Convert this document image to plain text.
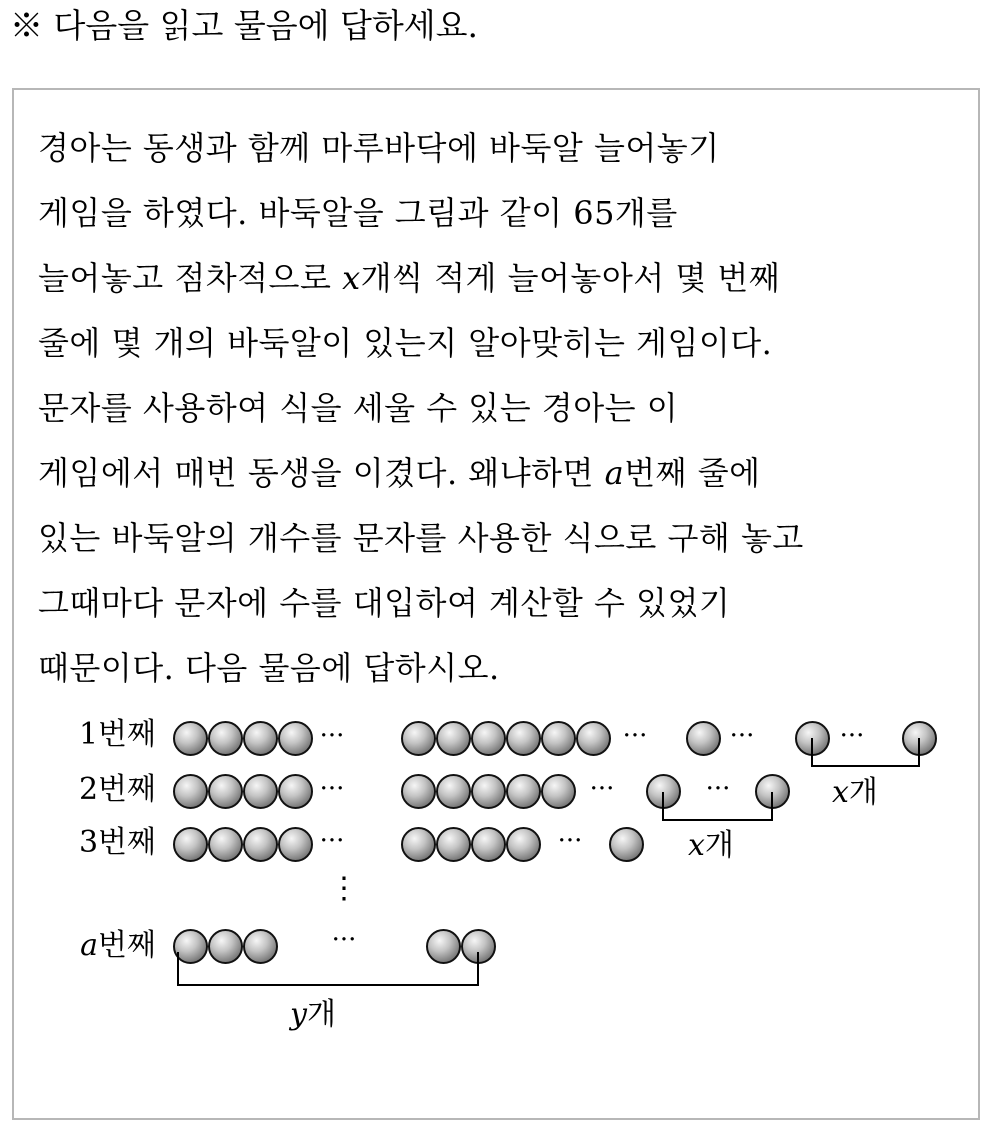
※ 다음을 읽고 물음에 답하세요.
경아는 동생과 함께 마루바닥에 바둑알 늘어놓기
게임을 하였다. 바둑알을 그림과 같이 65개를
늘어놓고 점차적으로 x개씩 적게 늘어놓아서 몇 번째
줄에 몇 개의 바둑알이 있는지 알아맞히는 게임이다.
문자를 사용하여 식을 세울 수 있는 경아는 이
게임에서 매번 동생을 이겼다. 왜냐하면 a번째 줄에
있는 바둑알의 개수를 문자를 사용한 식으로 구해 놓고
그때마다 문자에 수를 대입하여 계산할 수 있었기
때문이다. 다음 물음에 답하시오.
1번째
2번째
3번째
a번째
···	···	···	···
···	···	···
···	···
⋮
···
x개
x개
y개
